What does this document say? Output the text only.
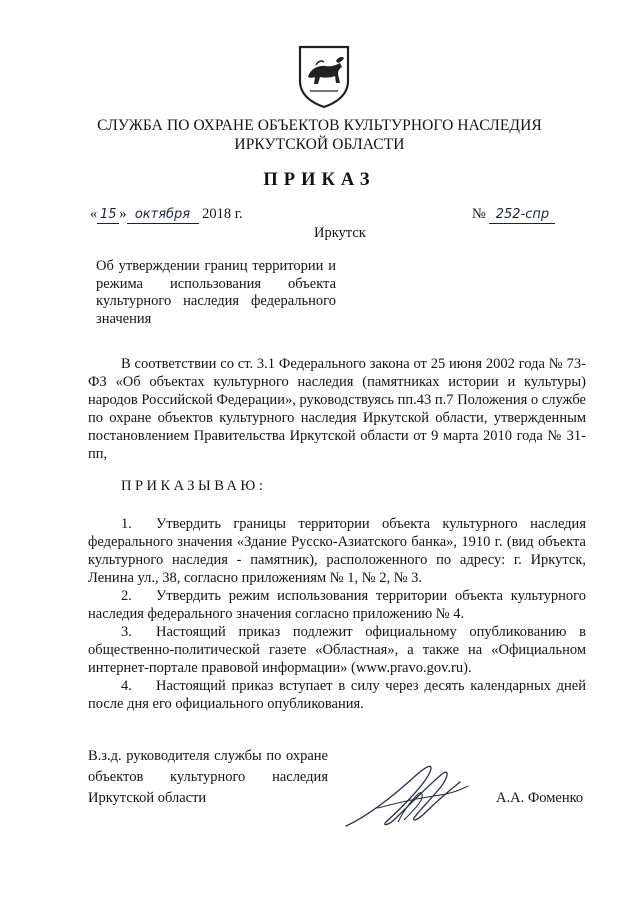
СЛУЖБА ПО ОХРАНЕ ОБЪЕКТОВ КУЛЬТУРНОГО НАСЛЕДИЯ
ИРКУТСКОЙ ОБЛАСТИ
ПРИКАЗ
« 15 » октября 2018 г.	№ 252-спр
Иркутск
Об утверждении границ территории и режима использования объекта культурного наследия федерального значения
В соответствии со ст. 3.1 Федерального закона от 25 июня 2002 года № 73-ФЗ «Об объектах культурного наследия (памятниках истории и культуры) народов Российской Федерации», руководствуясь пп.43 п.7 Положения о службе по охране объектов культурного наследия Иркутской области, утвержденным постановлением Правительства Иркутской области от 9 марта 2010 года № 31-пп,
ПРИКАЗЫВАЮ:
1. Утвердить границы территории объекта культурного наследия федерального значения «Здание Русско-Азиатского банка», 1910 г. (вид объекта культурного наследия - памятник), расположенного по адресу: г. Иркутск, Ленина ул., 38, согласно приложениям № 1, № 2, № 3.
2. Утвердить режим использования территории объекта культурного наследия федерального значения согласно приложению № 4.
3. Настоящий приказ подлежит официальному опубликованию в общественно-политической газете «Областная», а также на «Официальном интернет-портале правовой информации» (www.pravo.gov.ru).
4. Настоящий приказ вступает в силу через десять календарных дней после дня его официального опубликования.
В.з.д. руководителя службы по охране объектов культурного наследия Иркутской области	А.А. Фоменко
